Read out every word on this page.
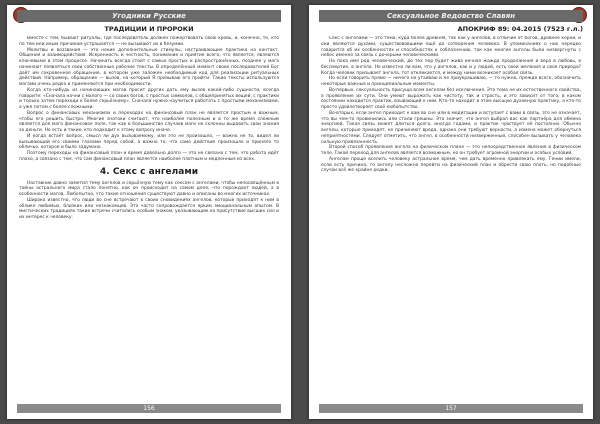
Угодники Русские
ТРАДИЦИИ И ПРОРОКИ

Вместе с тем, бывают ритуалы, где последователь должен пожертвовать свою кровь, и, конечно, те, кто по тем или иным причинам устрашается — не вызывают их в безумии.

Молитвы и воззвания — это некие дополнительные стимулы, настраивающие практика на контакт. Общения и взаимодействия. Искренность и честность, понимание и приятие всего, что является, являются ключевыми в этом процессе. Начинать всегда стоит с самых простых и распространённых, позднее у мага начинают появляться свои собственные рабочие тексты. В определённый момент своих последователей Бог даёт им сокровенное обращение, в котором уже заложен необходимый код для реализации ритуальных действий. Например, обращение — вызов, на который Я призываю его прийти. Такие тексты используются магами очень редко и применяются при необходимости.

Когда кто-нибудь из начинающих магов просит других дать ему вызов какой-либо сущности, всегда говорите: «Сначала начни с малого — со своих богов, с простых символов, с общепринятых вещей, с практики и только затем переходи к более серьёзному». Сначала нужно научиться работать с простыми механизмами, а уже потом с более сложными.

Вопрос о финансовых механизмах и переходах на финансовый план не является простым и важным, чтобы его решить быстро. Многие знатоки считают, что наиболее полезным и в то же время сложным является для мага финансовое поле, так как в большинстве случаев маги не склонны выдавать свои знания за деньги. Но есть и такие, кто подходит к этому вопросу иначе.

И когда встаёт вопрос, смысл ли дух вызываемому, или это не произошло, — важно не то, видел ли вызывающий его своими глазами перед собой, а важно то, что само действие произошло и приняло то обличье, которое и было задумано.

Поэтому переходы на финансовый план и время довольно долго — это не связано с тем, что работа идёт плохо, а связано с тем, что сам финансовый план является наиболее плотным и медленным из всех.

4. Секс с ангелами

Наставник давно заметил тему ангелов и серьёзную тему как сексом с ангелами, чтобы непосвящённым в тайны астрального мира стало понятно, как он происходит на самом деле, что порождает людей, а в особенности магов. Любопытно, что такие отношения существуют давно и описаны во многих источниках.

Широко известно, что люди во сне встречают в своих сновидениях ангелов, которые приходят к ним в облике любимых, близких или незнакомцев. Это часто сопровождается ярким эмоциональным опытом. В мистических традициях такие встречи считались особым знаком, указывающим на присутствие высших сил и их интерес к человеку.

156
Сексуальное Ведовство Славян
АПОКРИФ 89: 04.2015 (7523 г.л.)

Секс с ангелами — это тема, куда более древняя, так как у ангелов, в отличие от богов, древнее корни, и они являются духами, существовавшими ещё до сотворения человека. В упоминаниях о них нередко говорится об их особенностях и способностях к соблазнению, так как многие ангелы были низвергнуты с небес именно за связь с дочерьми человеческими.

На пока имя род человеческий, до тех пор будет жива вечная жажда продолжения и вера в любовь, в бессмертие, в ангела. Но известно ли вам, что у ангелов, как и у людей, есть свои желания и своя природа? Когда человек призывает ангела, тот откликается, и между ними возникает особая связь.

Но если говорить прямо — ничего не утаиваю и не приукрашиваю, — то нужно, прежде всего, обозначить некоторые важные и принципиальные моменты.

Во-первых, сексуальность присуща всем ангелам без исключения. Это тема не их естественного свойства, а проявление их сути. Они умеют выражать как чистоту, так и страсть, и это зависит от того, в каком состоянии находится практик, взывающий к ним. Кто-то находит в этом высшую духовную практику, а кто-то просто удовлетворяет своё любопытство.

Во-вторых, если ангел приходит к вам во сне или в медитации и вступает с вами в связь, это не означает, что вы чем-то провинились или стали грешны. Это значит, что ангел выбрал вас как партнёра для обмена энергией. Такая связь может длиться долго, иногда годами, и практик чувствует её постоянно. Обычно ангелы, которые приходят, не причиняют вреда, однако они требуют верности, а измена может обернуться неприятностями. Следует отметить, что ангел, в особенности низверженный, способен вызывать у человека сильную привязанность.

Второй способ проявления ангела на физическом плане — это непосредственное явление в физическом теле. Такой переход для ангелов является возможным, но он требует огромной энергии и особых условий.

Ангелам проще вселить человеку астральное время, чем дать временно привлекать ему. Гении имели, если есть причина, то ангелу несложно перейти на физический план и обрести свою плоть, но подобные случаи всё же крайне редки.

157
